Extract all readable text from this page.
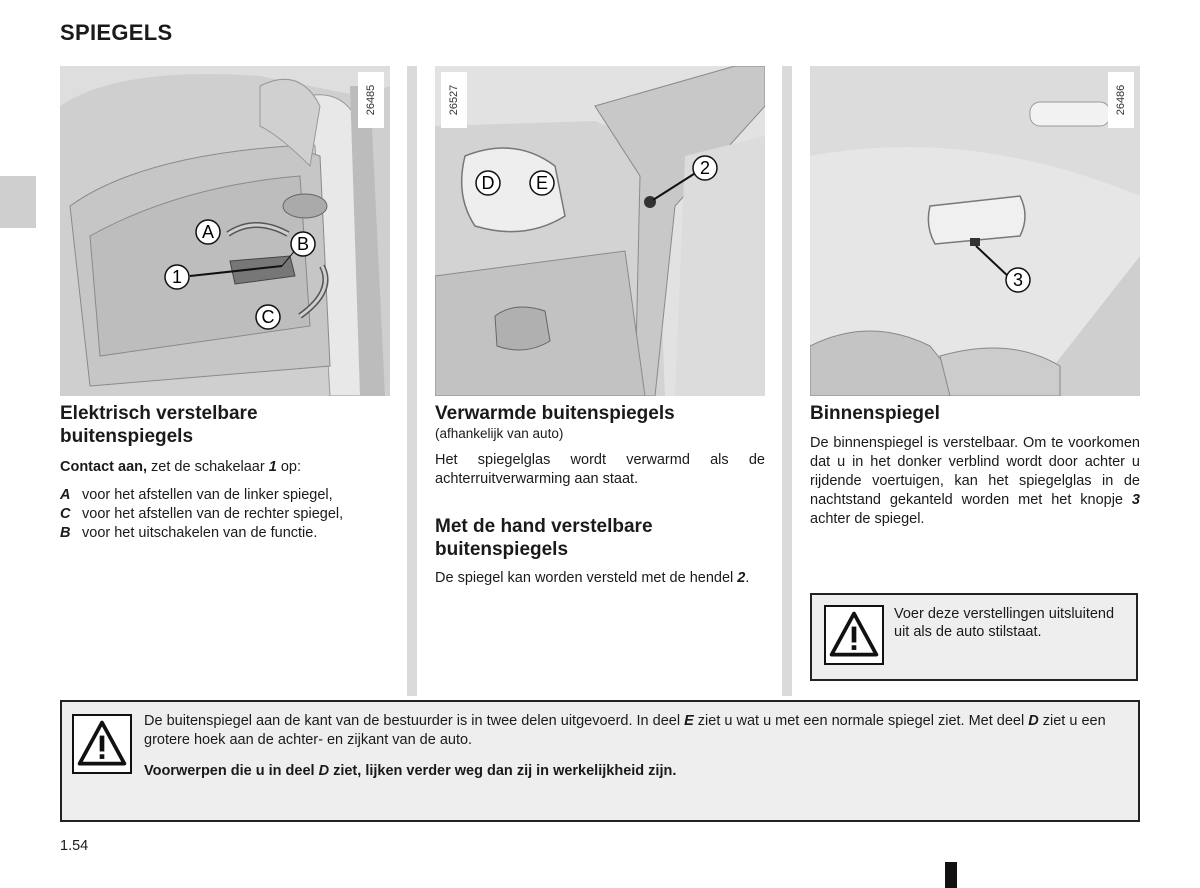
SPIEGELS
A
B
1
C
26485
D E
2
26527
3
26486
Elektrisch verstelbare buitenspiegels
Contact aan, zet de schakelaar 1 op:
A voor het afstellen van de linker spiegel,
C voor het afstellen van de rechter spiegel,
B voor het uitschakelen van de functie.
Verwarmde buitenspiegels
(afhankelijk van auto)
Het spiegelglas wordt verwarmd als de achterruitverwarming aan staat.
Met de hand verstelbare buitenspiegels
De spiegel kan worden versteld met de hendel 2.
Binnenspiegel
De binnenspiegel is verstelbaar. Om te voorkomen dat u in het donker verblind wordt door achter u rijdende voertuigen, kan het spiegelglas in de nachtstand gekanteld worden met het knopje 3 achter de spiegel.
Voer deze verstellingen uitsluitend uit als de auto stilstaat.
De buitenspiegel aan de kant van de bestuurder is in twee delen uitgevoerd. In deel E ziet u wat u met een normale spiegel ziet. Met deel D ziet u een grotere hoek aan de achter- en zijkant van de auto.
Voorwerpen die u in deel D ziet, lijken verder weg dan zij in werkelijkheid zijn.
1.54
